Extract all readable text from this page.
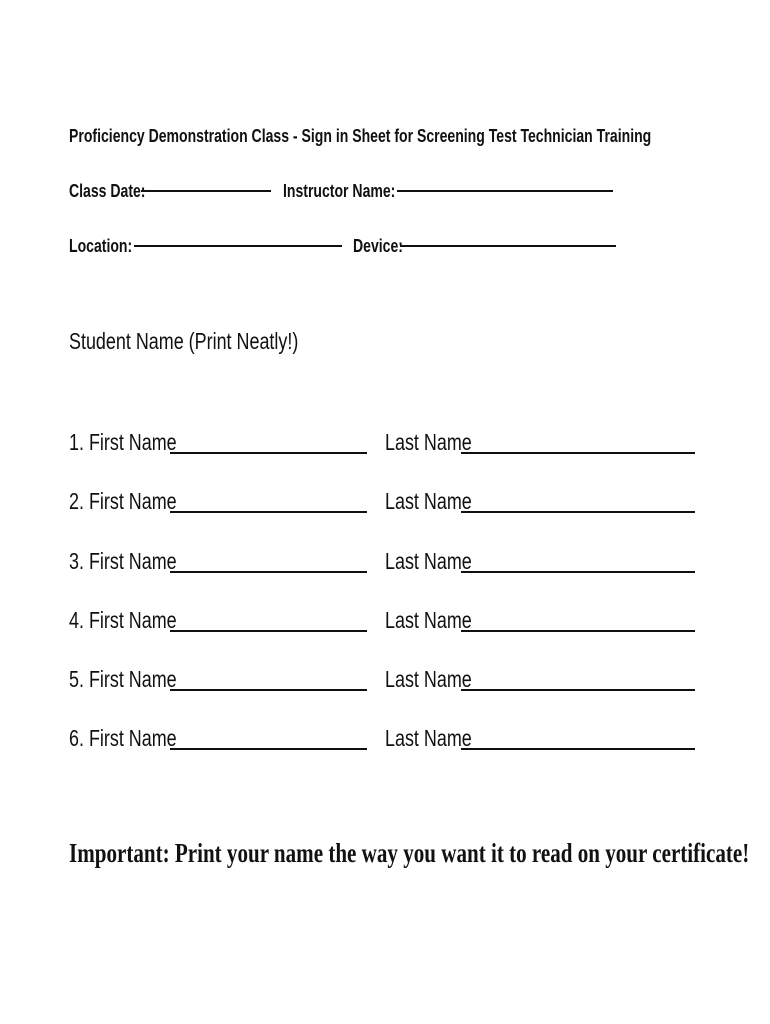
Proficiency Demonstration Class - Sign in Sheet for Screening Test Technician Training
Class Date:	Instructor Name:
Location:	Device:
Student Name (Print Neatly!)
1. First Name	Last Name
2. First Name	Last Name
3. First Name	Last Name
4. First Name	Last Name
5. First Name	Last Name
6. First Name	Last Name
Important: Print your name the way you want it to read on your certificate!
